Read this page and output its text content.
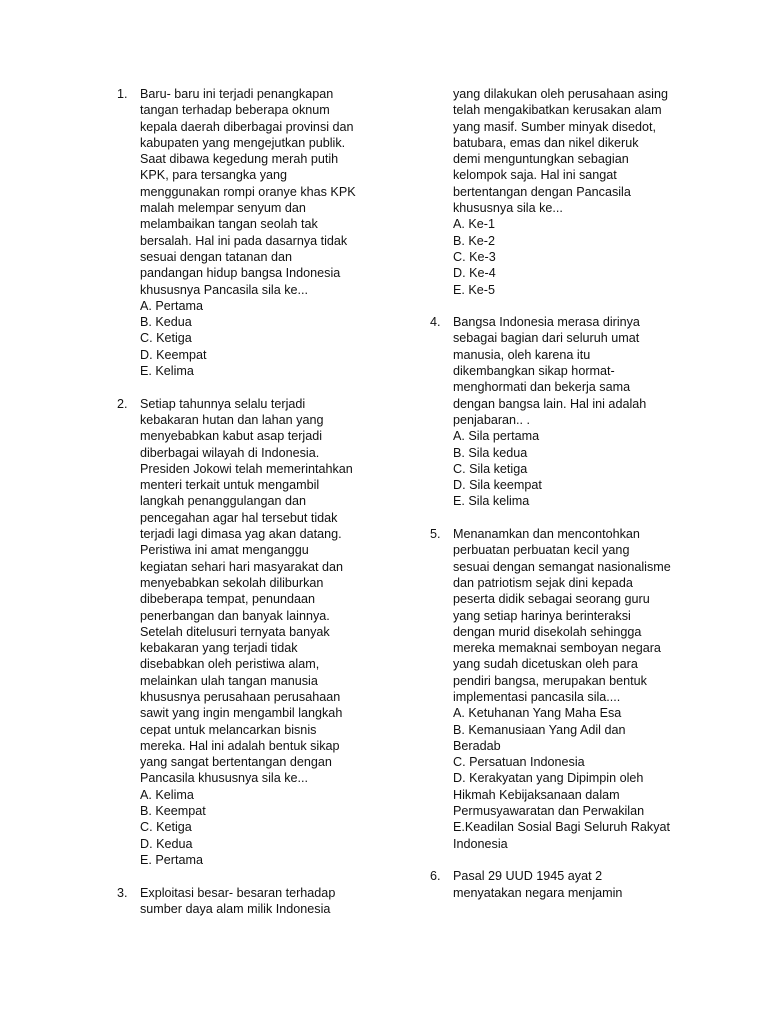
1. Baru- baru ini terjadi penangkapan
tangan terhadap beberapa oknum
kepala daerah diberbagai provinsi dan
kabupaten yang mengejutkan publik.
Saat dibawa kegedung merah putih
KPK, para tersangka yang
menggunakan rompi oranye khas KPK
malah melempar senyum dan
melambaikan tangan seolah tak
bersalah. Hal ini pada dasarnya tidak
sesuai dengan tatanan dan
pandangan hidup bangsa Indonesia
khususnya Pancasila sila ke...
A. Pertama
B. Kedua
C. Ketiga
D. Keempat
E. Kelima
2. Setiap tahunnya selalu terjadi
kebakaran hutan dan lahan yang
menyebabkan kabut asap terjadi
diberbagai wilayah di Indonesia.
Presiden Jokowi telah memerintahkan
menteri terkait untuk mengambil
langkah penanggulangan dan
pencegahan agar hal tersebut tidak
terjadi lagi dimasa yag akan datang.
Peristiwa ini amat menganggu
kegiatan sehari hari masyarakat dan
menyebabkan sekolah diliburkan
dibeberapa tempat, penundaan
penerbangan dan banyak lainnya.
Setelah ditelusuri ternyata banyak
kebakaran yang terjadi tidak
disebabkan oleh peristiwa alam,
melainkan ulah tangan manusia
khususnya perusahaan perusahaan
sawit yang ingin mengambil langkah
cepat untuk melancarkan bisnis
mereka. Hal ini adalah bentuk sikap
yang sangat bertentangan dengan
Pancasila khususnya sila ke...
A. Kelima
B. Keempat
C. Ketiga
D. Kedua
E. Pertama
3. Exploitasi besar- besaran terhadap
sumber daya alam milik Indonesia
yang dilakukan oleh perusahaan asing
telah mengakibatkan kerusakan alam
yang masif. Sumber minyak disedot,
batubara, emas dan nikel dikeruk
demi menguntungkan sebagian
kelompok saja. Hal ini sangat
bertentangan dengan Pancasila
khususnya sila ke...
A. Ke-1
B. Ke-2
C. Ke-3
D. Ke-4
E. Ke-5
4. Bangsa Indonesia merasa dirinya
sebagai bagian dari seluruh umat
manusia, oleh karena itu
dikembangkan sikap hormat-
menghormati dan bekerja sama
dengan bangsa lain. Hal ini adalah
penjabaran.. .
A. Sila pertama
B. Sila kedua
C. Sila ketiga
D. Sila keempat
E. Sila kelima
5. Menanamkan dan mencontohkan
perbuatan perbuatan kecil yang
sesuai dengan semangat nasionalisme
dan patriotism sejak dini kepada
peserta didik sebagai seorang guru
yang setiap harinya berinteraksi
dengan murid disekolah sehingga
mereka memaknai semboyan negara
yang sudah dicetuskan oleh para
pendiri bangsa, merupakan bentuk
implementasi pancasila sila....
A. Ketuhanan Yang Maha Esa
B. Kemanusiaan Yang Adil dan
Beradab
C. Persatuan Indonesia
D. Kerakyatan yang Dipimpin oleh
Hikmah Kebijaksanaan dalam
Permusyawaratan dan Perwakilan
E.Keadilan Sosial Bagi Seluruh Rakyat
Indonesia
6. Pasal 29 UUD 1945 ayat 2
menyatakan negara menjamin
